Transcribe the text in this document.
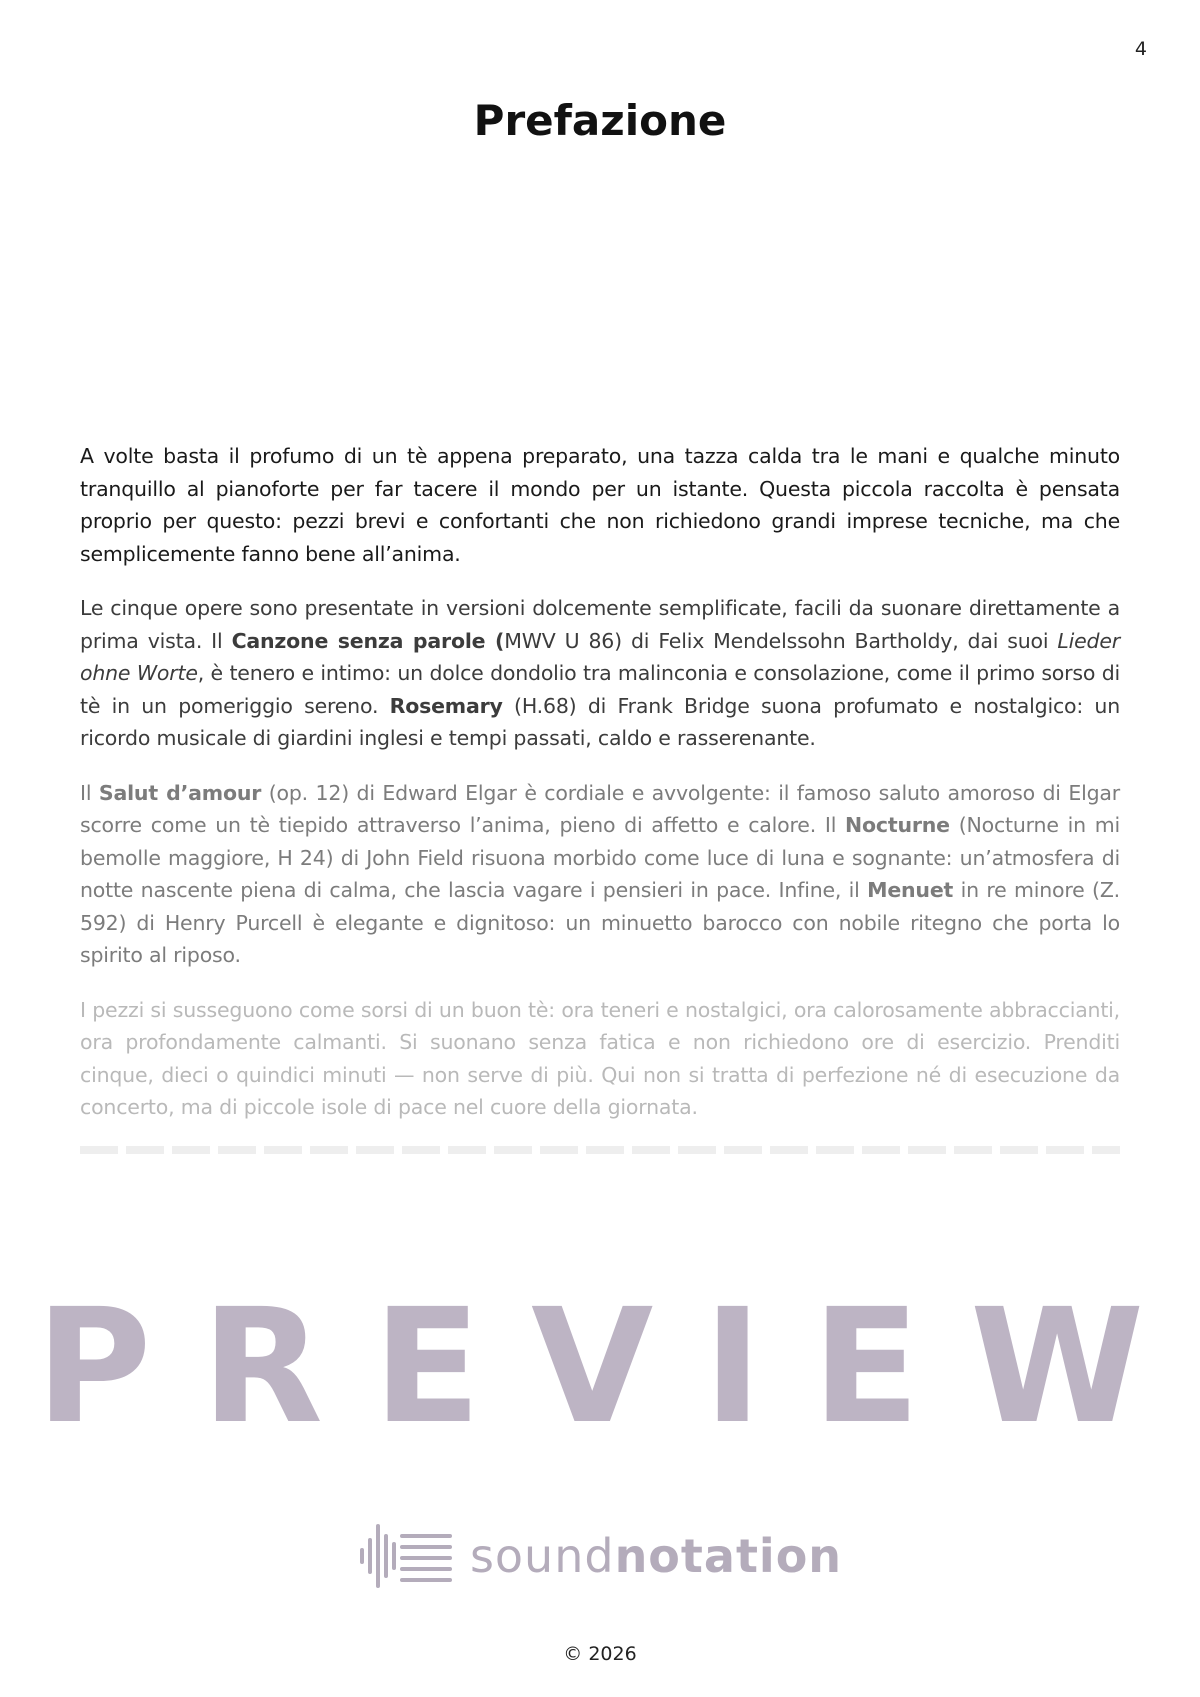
4
Prefazione

A volte basta il profumo di un tè appena preparato, una tazza calda tra le mani e qualche minuto tranquillo al pianoforte per far tacere il mondo per un istante. Questa piccola raccolta è pensata proprio per questo: pezzi brevi e confortanti che non richiedono grandi imprese tecniche, ma che semplicemente fanno bene all’anima.

Le cinque opere sono presentate in versioni dolcemente semplificate, facili da suonare direttamente a prima vista. Il Canzone senza parole (MWV U 86) di Felix Mendelssohn Bartholdy, dai suoi Lieder ohne Worte, è tenero e intimo: un dolce dondolio tra malinconia e consolazione, come il primo sorso di tè in un pomeriggio sereno. Rosemary (H.68) di Frank Bridge suona profumato e nostalgico: un ricordo musicale di giardini inglesi e tempi passati, caldo e rasserenante.

Il Salut d’amour (op. 12) di Edward Elgar è cordiale e avvolgente: il famoso saluto amoroso di Elgar scorre come un tè tiepido attraverso l’anima, pieno di affetto e calore. Il Nocturne (Nocturne in mi bemolle maggiore, H 24) di John Field risuona morbido come luce di luna e sognante: un’atmosfera di notte nascente piena di calma, che lascia vagare i pensieri in pace. Infine, il Menuet in re minore (Z. 592) di Henry Purcell è elegante e dignitoso: un minuetto barocco con nobile ritegno che porta lo spirito al riposo.

I pezzi si susseguono come sorsi di un buon tè: ora teneri e nostalgici, ora calorosamente abbraccianti, ora profondamente calmanti. Si suonano senza fatica e non richiedono ore di esercizio. Prenditi cinque, dieci o quindici minuti — non serve di più. Qui non si tratta di perfezione né di esecuzione da concerto, ma di piccole isole di pace nel cuore della giornata.

PREVIEW
soundnotation
© 2026
